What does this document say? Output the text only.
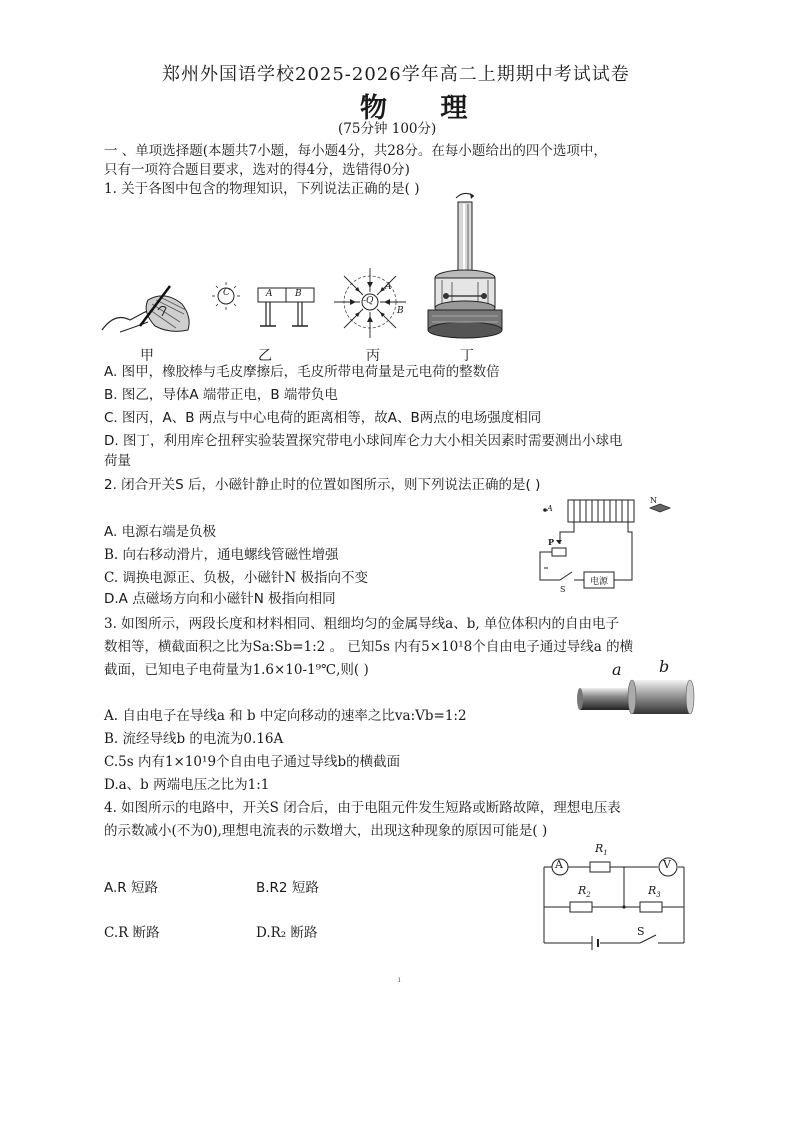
郑州外国语学校2025-2026学年高二上期期中考试试卷
物 理
(75分钟 100分)
一 、单项选择题(本题共7小题，每小题4分，共28分。在每小题给出的四个选项中，
只有一项符合题目要求，选对的得4分，选错得0分)
1. 关于各图中包含的物理知识，下列说法正确的是( )
甲
C	A	B
乙
-Q
A
B
丙	丁
A. 图甲，橡胶棒与毛皮摩擦后，毛皮所带电荷量是元电荷的整数倍
B. 图乙，导体A 端带正电，B 端带负电
C. 图丙，A、B 两点与中心电荷的距离相等，故A、B两点的电场强度相同
D. 图丁，利用库仑扭秤实验装置探究带电小球间库仑力大小相关因素时需要测出小球电
荷量
2. 闭合开关S 后，小磁针静止时的位置如图所示，则下列说法正确的是( )
A
N
P
S
电源
A. 电源右端是负极
B. 向右移动滑片，通电螺线管磁性增强
C. 调换电源正、负极，小磁针N 极指向不变
D.A 点磁场方向和小磁针N 极指向相同
3. 如图所示，两段长度和材料相同、粗细均匀的金属导线a、b, 单位体积内的自由电子
数相等，横截面积之比为Sa:Sb=1:2 。 已知5s 内有5×10¹8个自由电子通过导线a 的横
截面，已知电子电荷量为1.6×10-1⁹℃,则( )	a b
A. 自由电子在导线a 和 b 中定向移动的速率之比va:Vb=1:2
B. 流经导线b 的电流为0.16A
C.5s 内有1×10¹9个自由电子通过导线b的横截面
D.a、b 两端电压之比为1:1
4. 如图所示的电路中，开关S 闭合后，由于电阻元件发生短路或断路故障，理想电压表
的示数减小(不为0),理想电流表的示数增大，出现这种现象的原因可能是( )
A	V
$R_1$
$R_2$	$R_3$
S
A.R 短路	B.R2 短路
C.R 断路	D.R₂ 断路
ı
